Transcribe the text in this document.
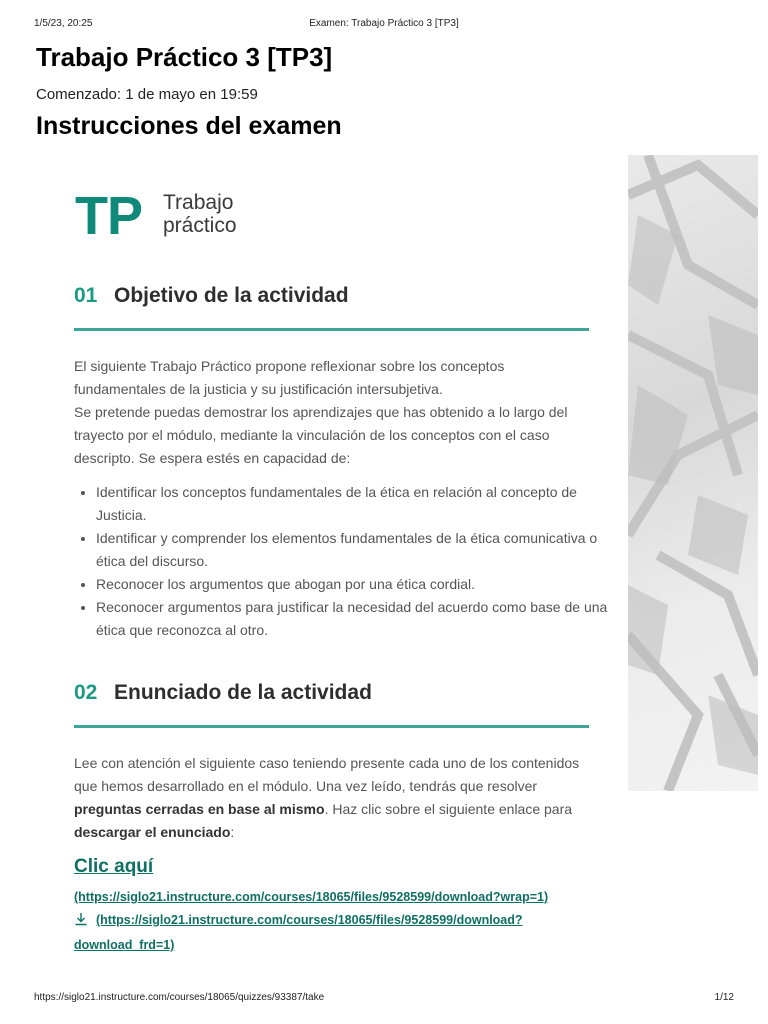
1/5/23, 20:25	Examen: Trabajo Práctico 3 [TP3]
Trabajo Práctico 3 [TP3]
Comenzado: 1 de mayo en 19:59
Instrucciones del examen
TP Trabajo
práctico
01 Objetivo de la actividad

El siguiente Trabajo Práctico propone reflexionar sobre los conceptos fundamentales de la justicia y su justificación intersubjetiva.

Se pretende puedas demostrar los aprendizajes que has obtenido a lo largo del trayecto por el módulo, mediante la vinculación de los conceptos con el caso descripto. Se espera estés en capacidad de:

• Identificar los conceptos fundamentales de la ética en relación al concepto de Justicia.
• Identificar y comprender los elementos fundamentales de la ética comunicativa o ética del discurso.
• Reconocer los argumentos que abogan por una ética cordial.
• Reconocer argumentos para justificar la necesidad del acuerdo como base de una ética que reconozca al otro.
02 Enunciado de la actividad

Lee con atención el siguiente caso teniendo presente cada uno de los contenidos que hemos desarrollado en el módulo. Una vez leído, tendrás que resolver preguntas cerradas en base al mismo. Haz clic sobre el siguiente enlace para descargar el enunciado:

Clic aquí
(https://siglo21.instructure.com/courses/18065/files/9528599/download?wrap=1)
(https://siglo21.instructure.com/courses/18065/files/9528599/download?
download_frd=1)
https://siglo21.instructure.com/courses/18065/quizzes/93387/take	1/12
